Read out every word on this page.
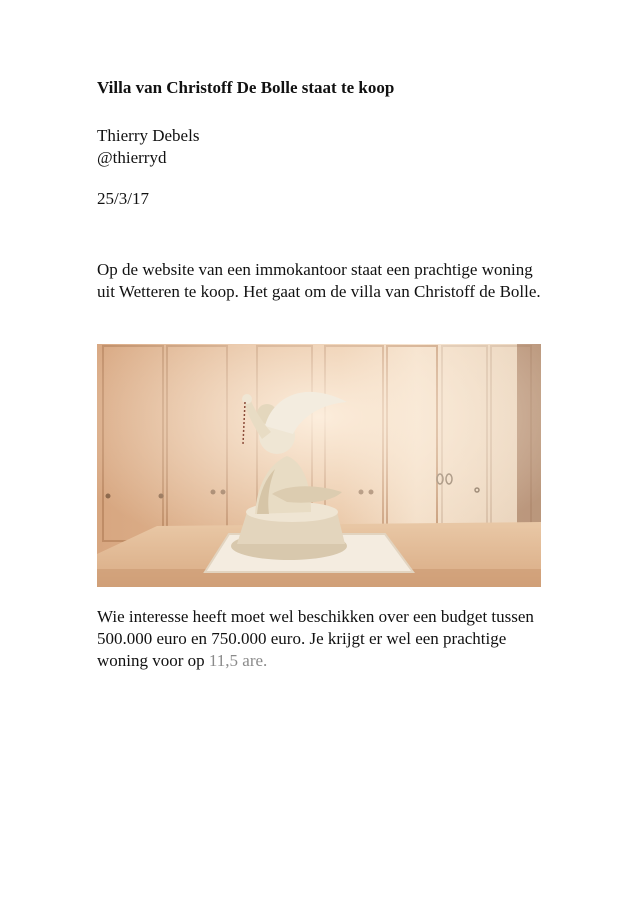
Villa van Christoff De Bolle staat te koop
Thierry Debels
@thierryd
25/3/17
Op de website van een immokantoor staat een prachtige woning uit Wetteren te koop. Het gaat om de villa van Christoff de Bolle.
Wie interesse heeft moet wel beschikken over een budget tussen 500.000 euro en 750.000 euro. Je krijgt er wel een prachtige woning voor op 11,5 are.
